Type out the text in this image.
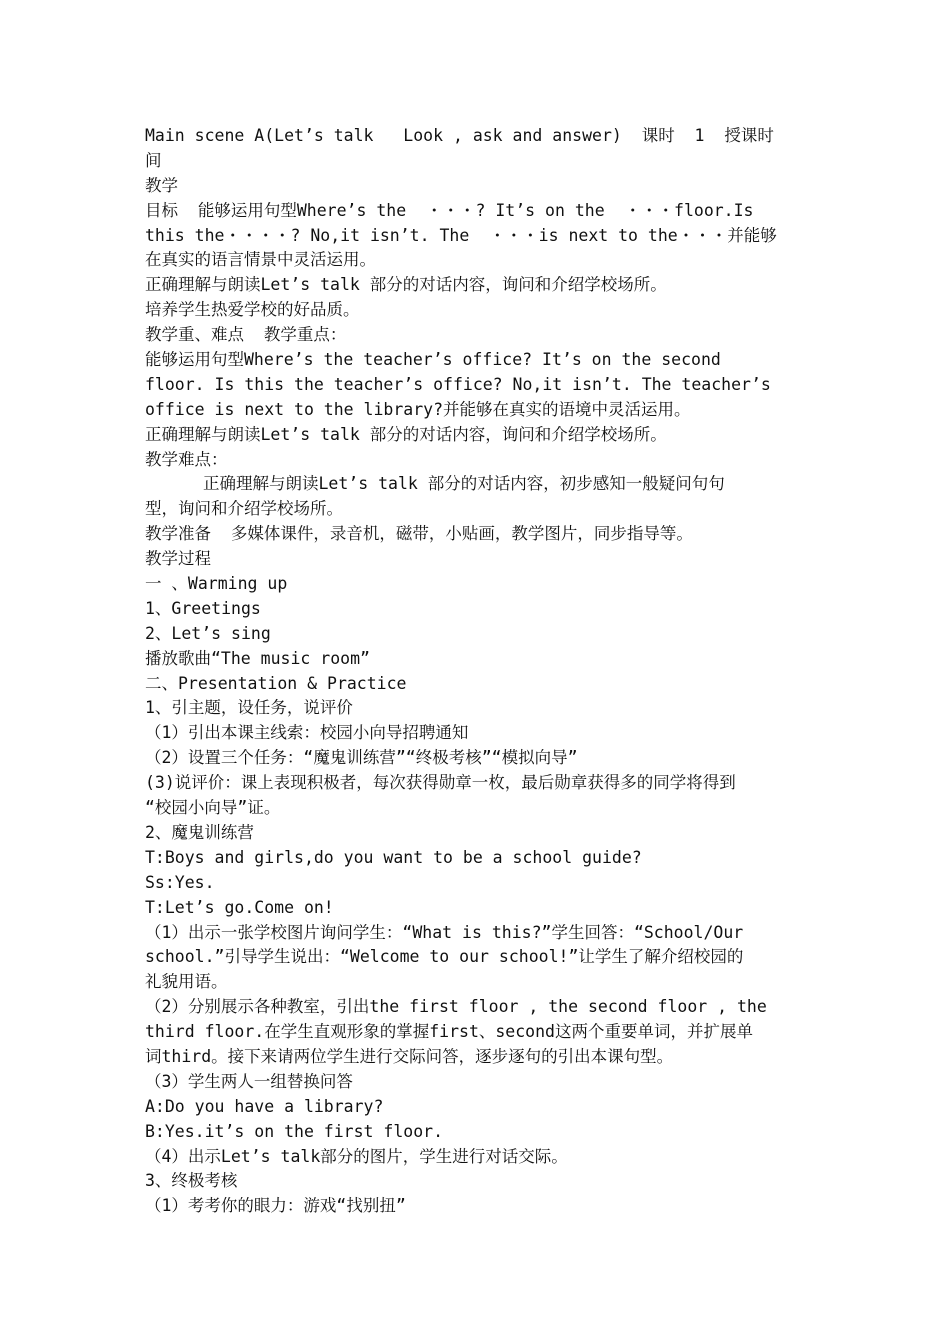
Main scene A(Let’s talk   Look , ask and answer)  课时  1  授课时
间
教学
目标  能够运用句型Where’s the  ・・・? It’s on the  ・・・floor.Is
this the・・・・? No,it isn’t. The  ・・・is next to the・・・并能够
在真实的语言情景中灵活运用。
正确理解与朗读Let’s talk 部分的对话内容，询问和介绍学校场所。
培养学生热爱学校的好品质。
教学重、难点  教学重点：
能够运用句型Where’s the teacher’s office? It’s on the second
floor. Is this the teacher’s office? No,it isn’t. The teacher’s
office is next to the library?并能够在真实的语境中灵活运用。
正确理解与朗读Let’s talk 部分的对话内容，询问和介绍学校场所。
教学难点：
正确理解与朗读Let’s talk 部分的对话内容，初步感知一般疑问句句
型，询问和介绍学校场所。
教学准备  多媒体课件，录音机，磁带，小贴画，教学图片，同步指导等。
教学过程
一 、Warming up
1、Greetings
2、Let’s sing
播放歌曲“The music room”
二、Presentation & Practice
1、引主题，设任务，说评价
（1）引出本课主线索：校园小向导招聘通知
（2）设置三个任务：“魔鬼训练营”“终极考核”“模拟向导”
(3)说评价：课上表现积极者，每次获得勋章一枚，最后勋章获得多的同学将得到
“校园小向导”证。
2、魔鬼训练营
T:Boys and girls,do you want to be a school guide?
Ss:Yes.
T:Let’s go.Come on!
（1）出示一张学校图片询问学生：“What is this?”学生回答：“School/Our
school.”引导学生说出：“Welcome to our school!”让学生了解介绍校园的
礼貌用语。
（2）分别展示各种教室，引出the first floor , the second floor , the
third floor.在学生直观形象的掌握first、second这两个重要单词，并扩展单
词third。接下来请两位学生进行交际问答，逐步逐句的引出本课句型。
（3）学生两人一组替换问答
A:Do you have a library?
B:Yes.it’s on the first floor.
（4）出示Let’s talk部分的图片，学生进行对话交际。
3、终极考核
（1）考考你的眼力：游戏“找别扭”
